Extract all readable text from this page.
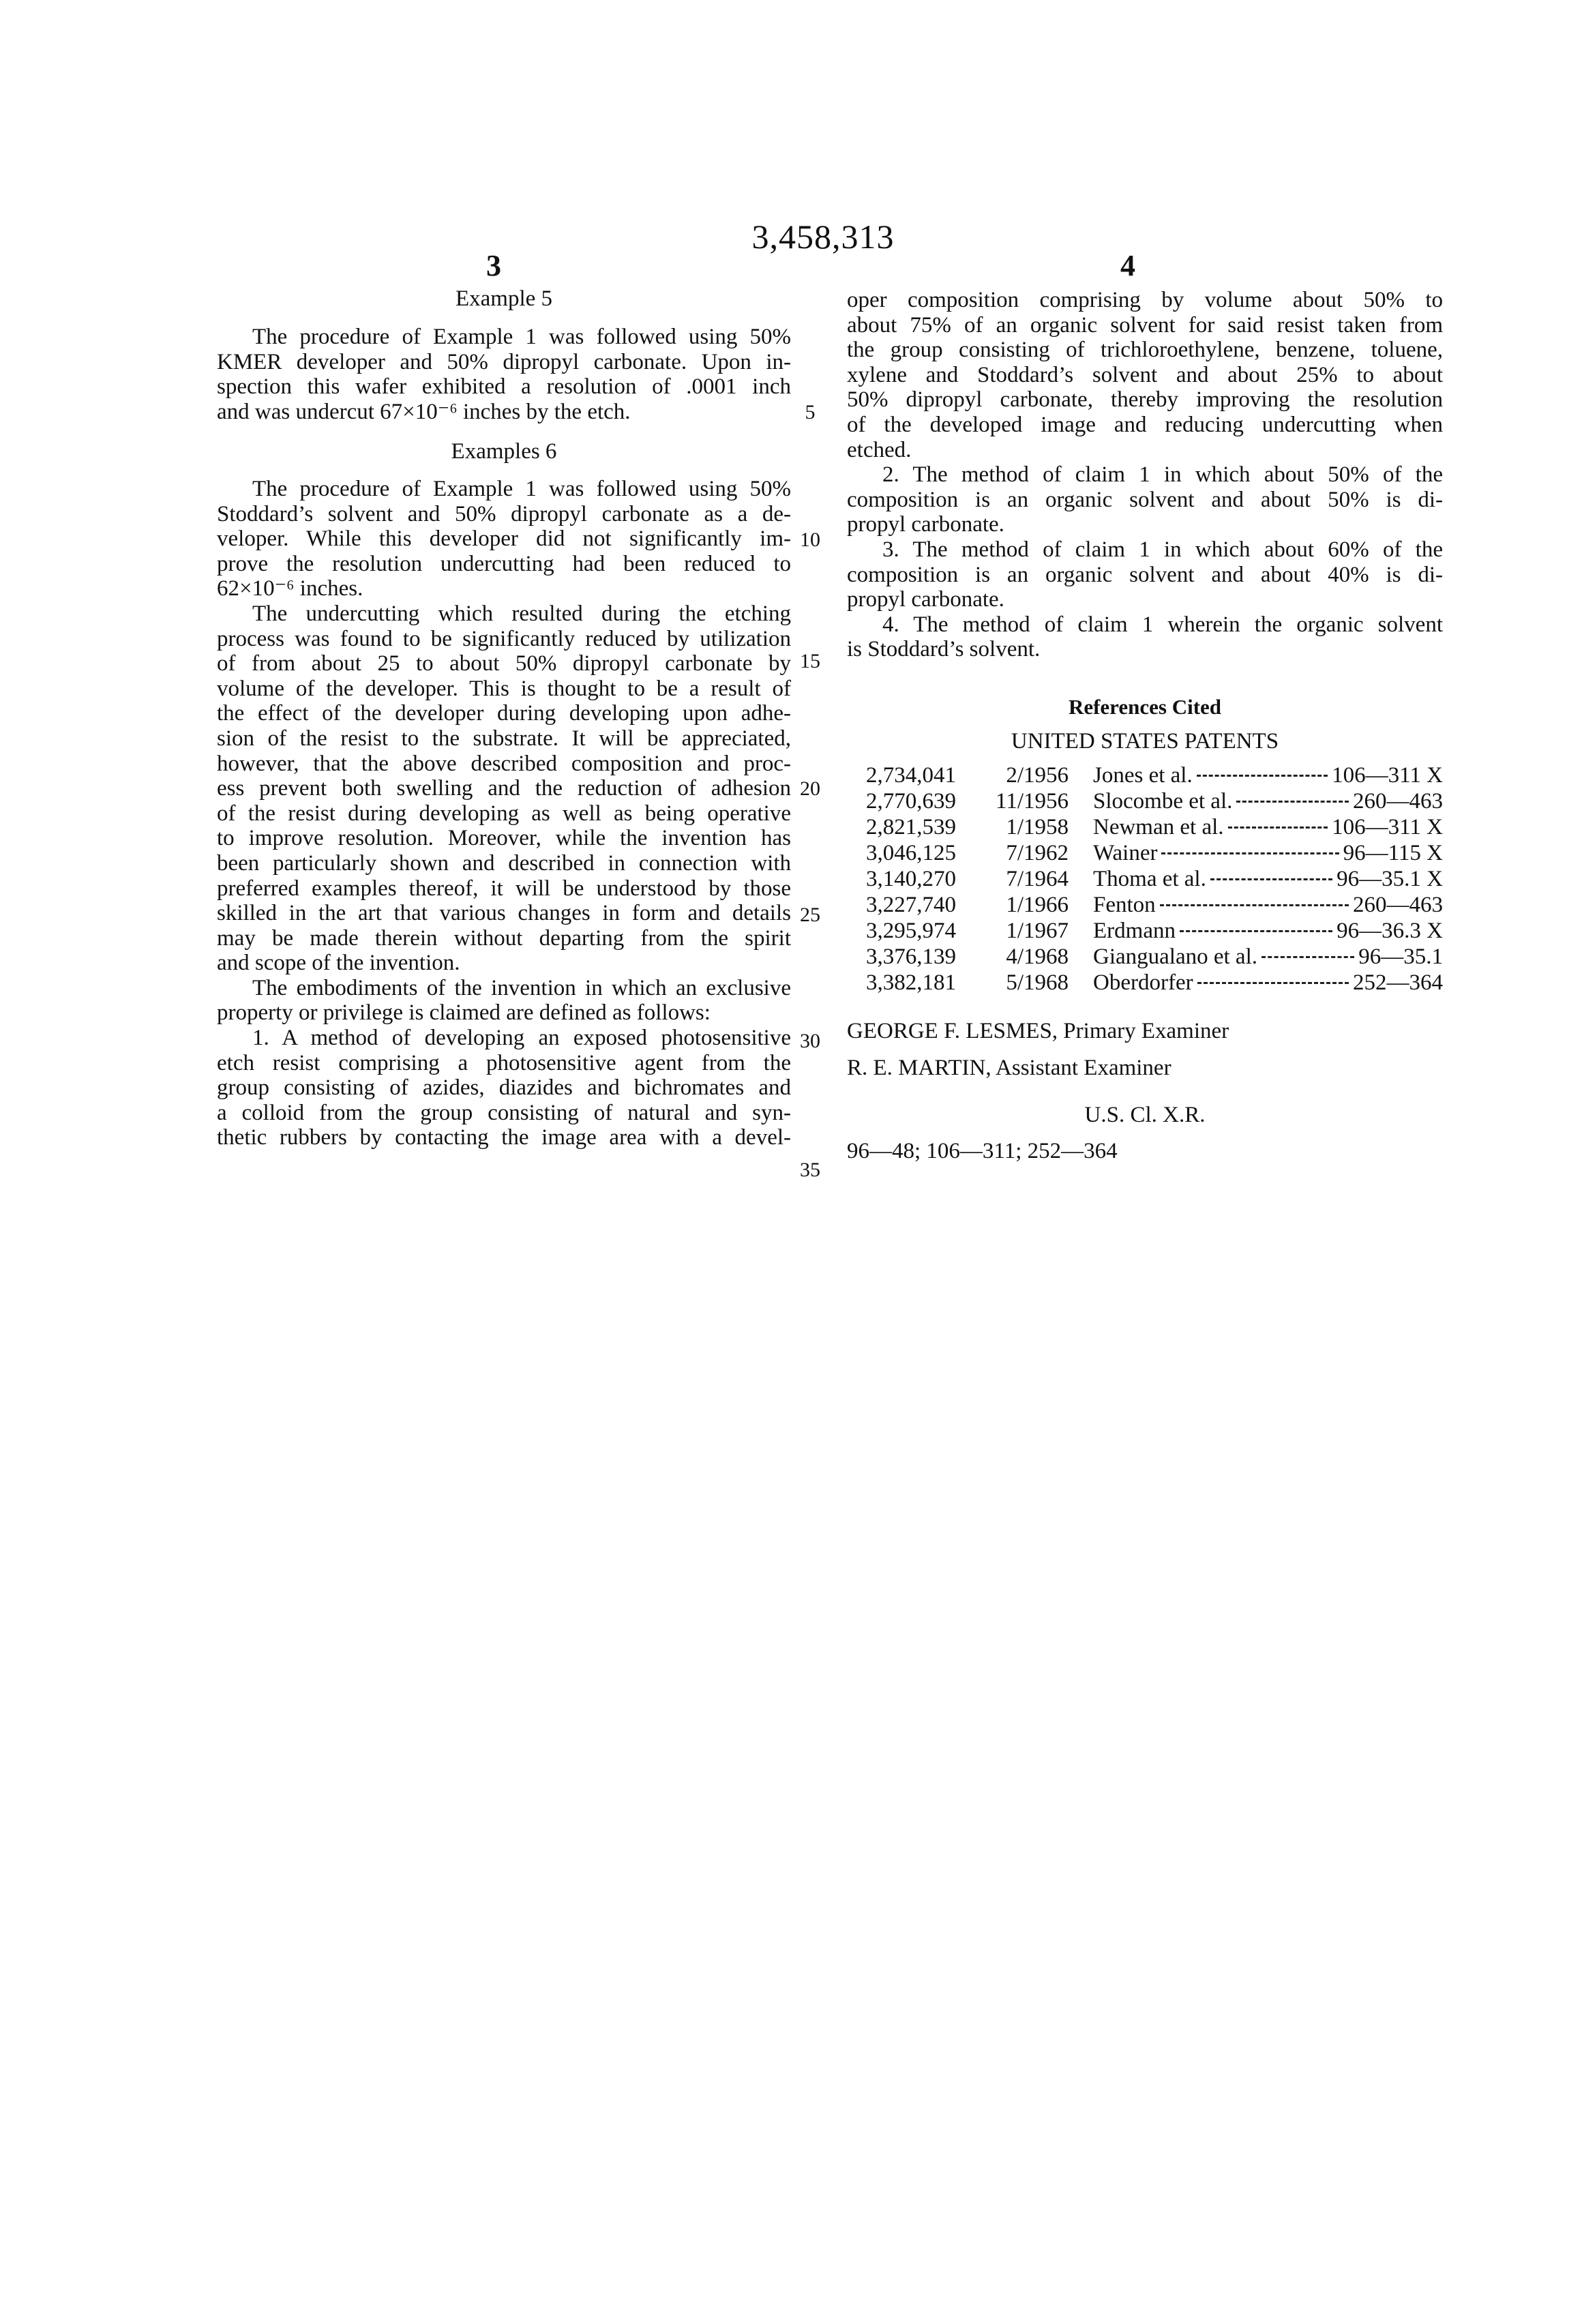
3,458,313
3	4
Example 5
The procedure of Example 1 was followed using 50%
KMER developer and 50% dipropyl carbonate. Upon in-
spection this wafer exhibited a resolution of .0001 inch
and was undercut 67×10⁻⁶ inches by the etch.
Examples 6
The procedure of Example 1 was followed using 50%
Stoddard’s solvent and 50% dipropyl carbonate as a de-
veloper. While this developer did not significantly im-
prove the resolution undercutting had been reduced to
62×10⁻⁶ inches.
The undercutting which resulted during the etching
process was found to be significantly reduced by utilization
of from about 25 to about 50% dipropyl carbonate by
volume of the developer. This is thought to be a result of
the effect of the developer during developing upon adhe-
sion of the resist to the substrate. It will be appreciated,
however, that the above described composition and proc-
ess prevent both swelling and the reduction of adhesion
of the resist during developing as well as being operative
to improve resolution. Moreover, while the invention has
been particularly shown and described in connection with
preferred examples thereof, it will be understood by those
skilled in the art that various changes in form and details
may be made therein without departing from the spirit
and scope of the invention.
The embodiments of the invention in which an exclusive
property or privilege is claimed are defined as follows:
1. A method of developing an exposed photosensitive
etch resist comprising a photosensitive agent from the
group consisting of azides, diazides and bichromates and
a colloid from the group consisting of natural and syn-
thetic rubbers by contacting the image area with a devel-
5
10
15
20
25
30
35
oper composition comprising by volume about 50% to
about 75% of an organic solvent for said resist taken from
the group consisting of trichloroethylene, benzene, toluene,
xylene and Stoddard’s solvent and about 25% to about
50% dipropyl carbonate, thereby improving the resolution
of the developed image and reducing undercutting when
etched.
2. The method of claim 1 in which about 50% of the
composition is an organic solvent and about 50% is di-
propyl carbonate.
3. The method of claim 1 in which about 60% of the
composition is an organic solvent and about 40% is di-
propyl carbonate.
4. The method of claim 1 wherein the organic solvent
is Stoddard’s solvent.
References Cited
UNITED STATES PATENTS
2,734,041	2/1956 Jones et al.	106—311 X
2,770,639	11/1956 Slocombe et al.	260—463
2,821,539	1/1958 Newman et al.	106—311 X
3,046,125	7/1962 Wainer	96—115 X
3,140,270	7/1964 Thoma et al.	96—35.1 X
3,227,740	1/1966 Fenton	260—463
3,295,974	1/1967 Erdmann	96—36.3 X
3,376,139	4/1968 Giangualano et al.	96—35.1
3,382,181	5/1968 Oberdorfer	252—364
GEORGE F. LESMES, Primary Examiner
R. E. MARTIN, Assistant Examiner
U.S. Cl. X.R.
96—48; 106—311; 252—364
